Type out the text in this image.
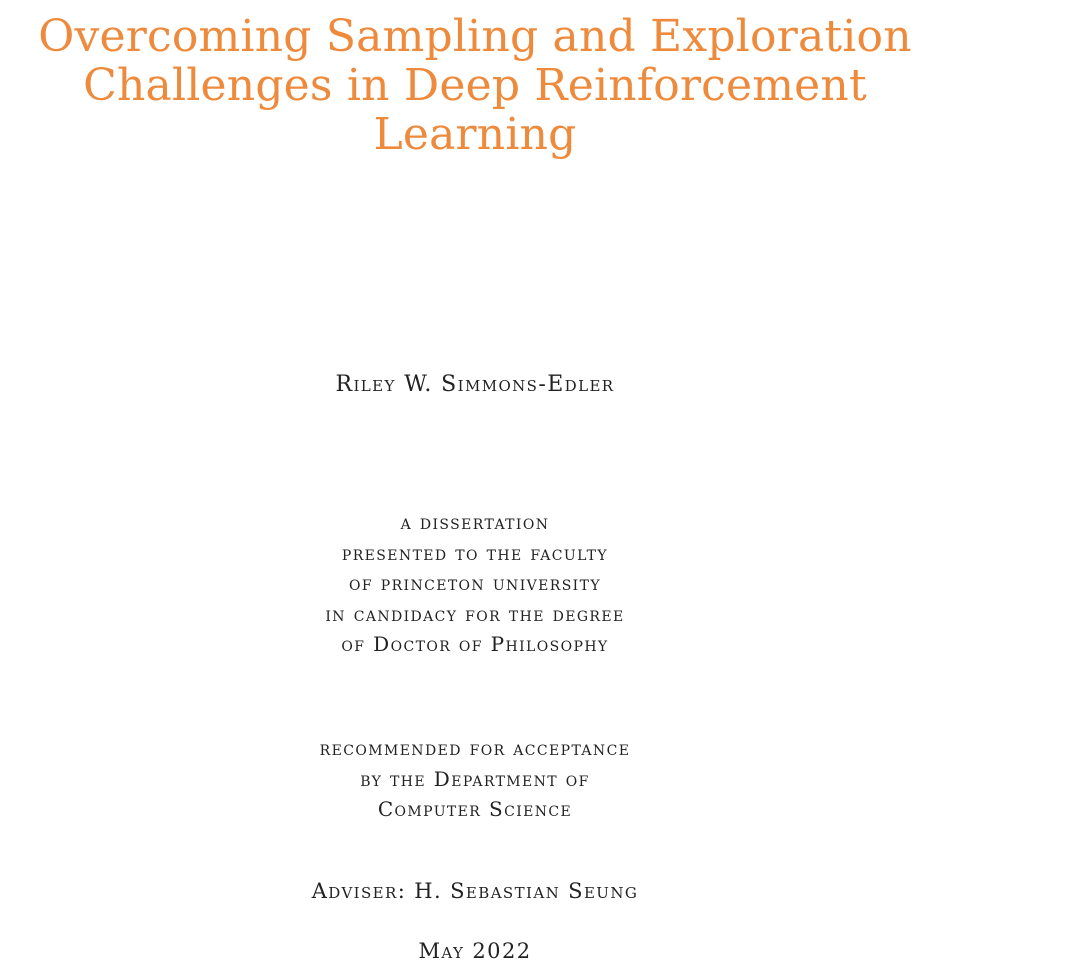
Overcoming Sampling and Exploration
Challenges in Deep Reinforcement
Learning
Riley W. Simmons-Edler
a dissertation
presented to the faculty
of princeton university
in candidacy for the degree
of Doctor of Philosophy
recommended for acceptance
by the Department of
Computer Science
Adviser: H. Sebastian Seung
May 2022
